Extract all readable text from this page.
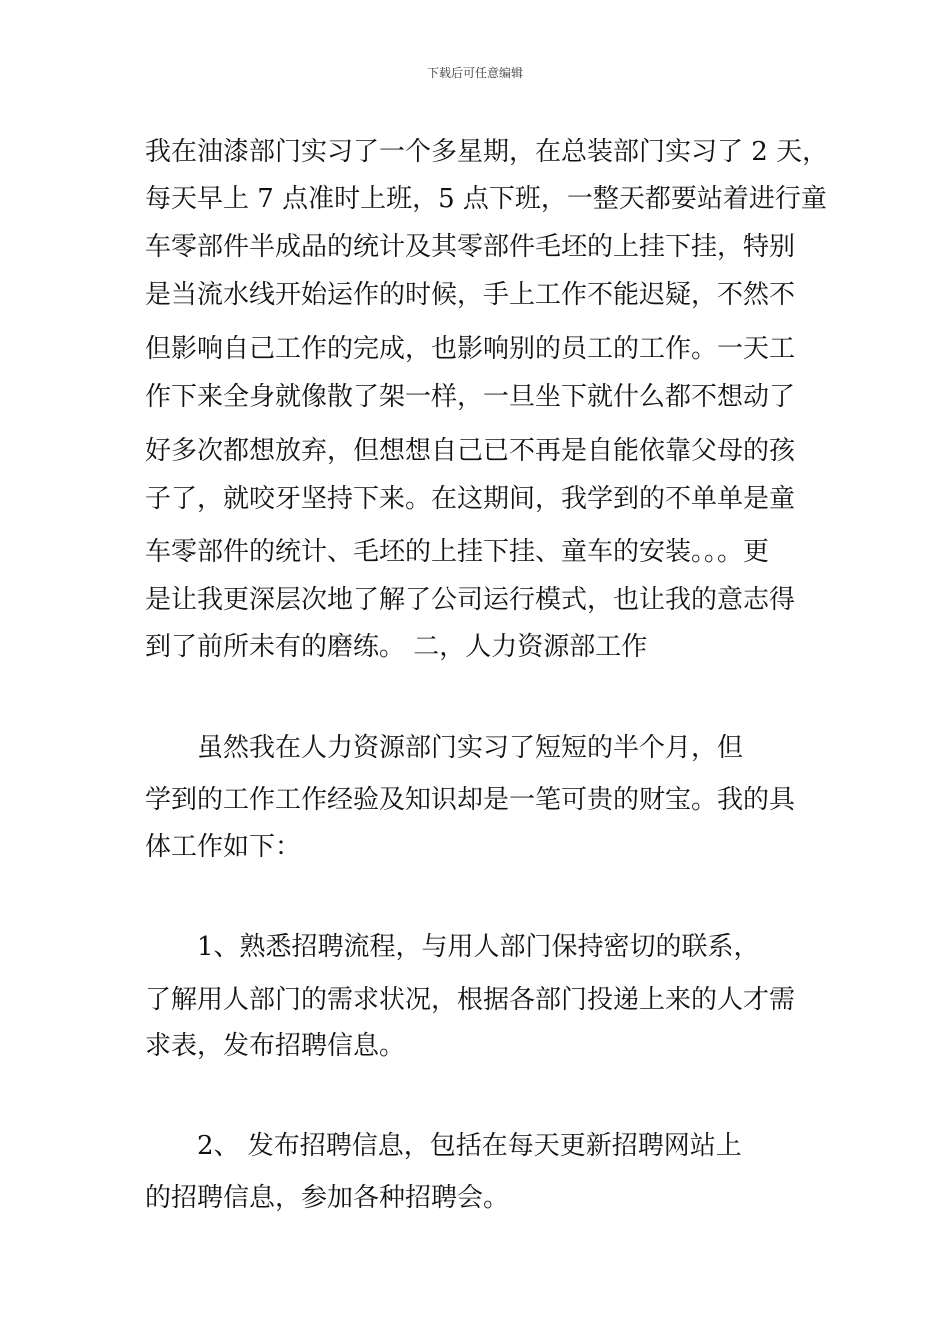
下载后可任意编辑
我在油漆部门实习了一个多星期，在总装部门实习了 2 天，
每天早上 7 点准时上班，5 点下班，一整天都要站着进行童
车零部件半成品的统计及其零部件毛坯的上挂下挂，特别
是当流水线开始运作的时候，手上工作不能迟疑，不然不
但影响自己工作的完成，也影响别的员工的工作。一天工
作下来全身就像散了架一样，一旦坐下就什么都不想动了
好多次都想放弃，但想想自己已不再是自能依靠父母的孩
子了，就咬牙坚持下来。在这期间，我学到的不单单是童
车零部件的统计、毛坯的上挂下挂、童车的安装。。。更
是让我更深层次地了解了公司运行模式，也让我的意志得
到了前所未有的磨练。 二，人力资源部工作
　　虽然我在人力资源部门实习了短短的半个月，但
学到的工作工作经验及知识却是一笔可贵的财宝。我的具
体工作如下：
　　1、熟悉招聘流程，与用人部门保持密切的联系，
了解用人部门的需求状况，根据各部门投递上来的人才需
求表，发布招聘信息。
　　2、 发布招聘信息，包括在每天更新招聘网站上
的招聘信息，参加各种招聘会。
